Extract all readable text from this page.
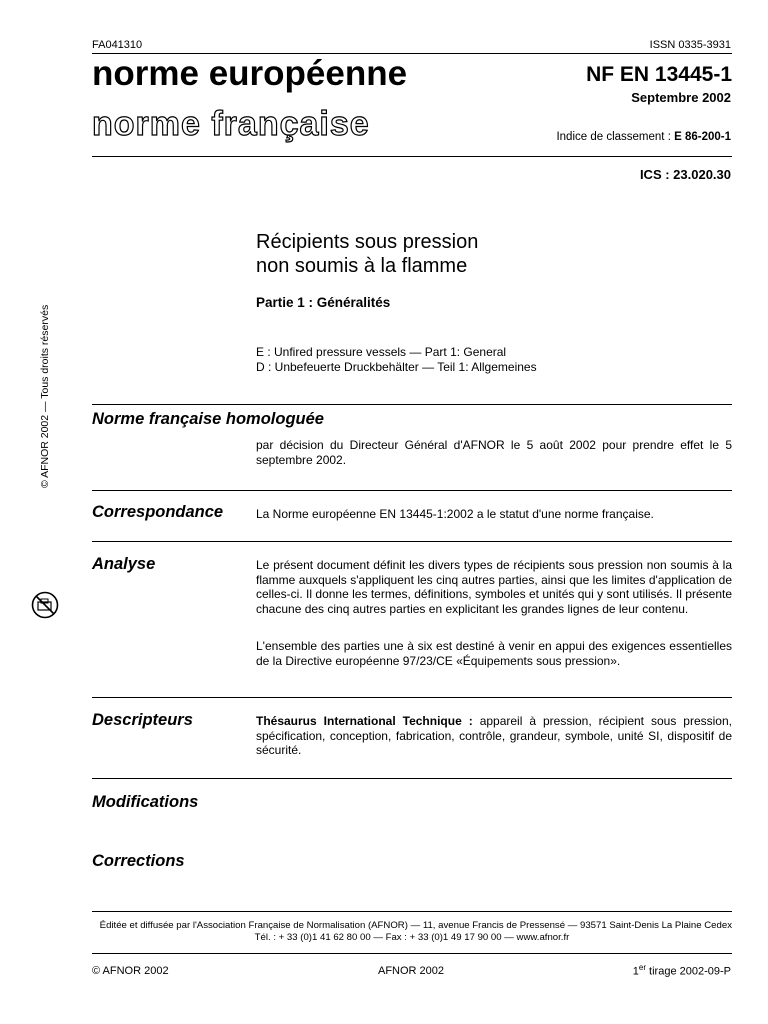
FA041310	ISSN 0335-3931
norme européenne
norme française
NF EN 13445-1
Septembre 2002
Indice de classement : E 86-200-1
ICS : 23.020.30
Récipients sous pression
non soumis à la flamme
Partie 1 : Généralités
E : Unfired pressure vessels — Part 1: General
D : Unbefeuerte Druckbehälter — Teil 1: Allgemeines
© AFNOR 2002 — Tous droits réservés Norme française homologuée
par décision du Directeur Général d'AFNOR le 5 août 2002 pour prendre effet le 5 septembre 2002.
Correspondance	La Norme européenne EN 13445-1:2002 a le statut d'une norme française.
Analyse	Le présent document définit les divers types de récipients sous pression non soumis à la flamme auxquels s'appliquent les cinq autres parties, ainsi que les limites d'application de celles-ci. Il donne les termes, définitions, symboles et unités qui y sont utilisés. Il présente chacune des cinq autres parties en explicitant les grandes lignes de leur contenu.
L'ensemble des parties une à six est destiné à venir en appui des exigences essentielles de la Directive européenne 97/23/CE «Équipements sous pression».
Descripteurs	Thésaurus International Technique : appareil à pression, récipient sous pression, spécification, conception, fabrication, contrôle, grandeur, symbole, unité SI, dispositif de sécurité.
Modifications
Corrections
Éditée et diffusée par l'Association Française de Normalisation (AFNOR) — 11, avenue Francis de Pressensé — 93571 Saint-Denis La Plaine Cedex
Tél. : + 33 (0)1 41 62 80 00 — Fax : + 33 (0)1 49 17 90 00 — www.afnor.fr
© AFNOR 2002	AFNOR 2002	1er tirage 2002-09-P
